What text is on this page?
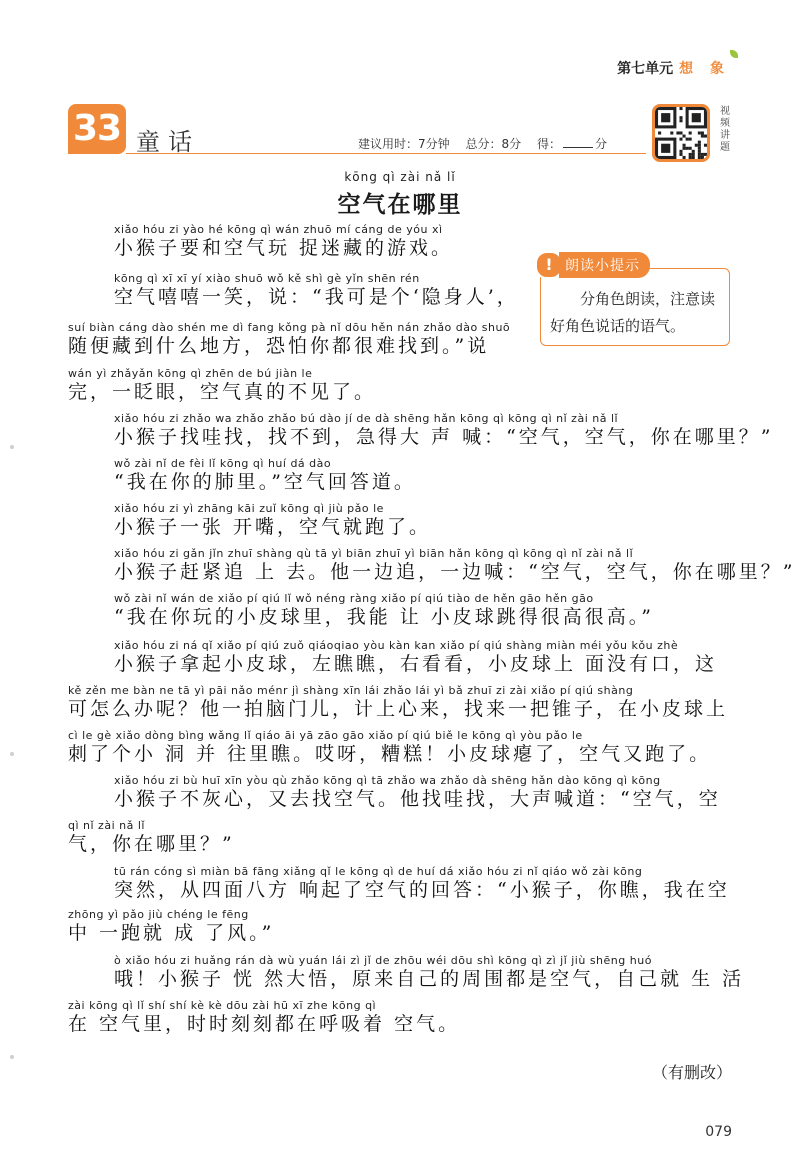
第七单元 想 象
33 童话	建议用时：7分钟 总分：8分 得：	分
视频讲题
kōng qì zài nǎ lǐ
空气在哪里
! 朗读小提示
分角色朗读，注意读好角色说话的语气。
xiǎo hóu zi yào hé kōng qì wán zhuō mí cáng de yóu xì
小猴子要和空气玩 捉迷藏的游戏。
kōng qì xī xī yí xiào shuō wǒ kě shì gè yǐn shēn rén
空气嘻嘻一笑，说：“我可是个‘隐身人’，
suí biàn cáng dào shén me dì fang kǒng pà nǐ dōu hěn nán zhǎo dào shuō
随便藏到什么地方，恐怕你都很难找到。”说
wán yì zhǎyǎn kōng qì zhēn de bú jiàn le
完，一眨眼，空气真的不见了。
xiǎo hóu zi zhǎo wa zhǎo zhǎo bú dào jí de dà shēng hǎn kōng qì kōng qì nǐ zài nǎ lǐ
小猴子找哇找，找不到，急得大 声 喊：“空气，空气，你在哪里？”
wǒ zài nǐ de fèi lǐ kōng qì huí dá dào
“我在你的肺里。”空气回答道。
xiǎo hóu zi yì zhāng kāi zuǐ kōng qì jiù pǎo le
小猴子一张 开嘴，空气就跑了。
xiǎo hóu zi gǎn jǐn zhuī shàng qù tā yì biān zhuī yì biān hǎn kōng qì kōng qì nǐ zài nǎ lǐ
小猴子赶紧追 上 去。他一边追，一边喊：“空气，空气，你在哪里？”
wǒ zài nǐ wán de xiǎo pí qiú lǐ wǒ néng ràng xiǎo pí qiú tiào de hěn gāo hěn gāo
“我在你玩的小皮球里，我能 让 小皮球跳得很高很高。”
xiǎo hóu zi ná qǐ xiǎo pí qiú zuǒ qiáoqiao yòu kàn kan xiǎo pí qiú shàng miàn méi yǒu kǒu zhè
小猴子拿起小皮球，左瞧瞧，右看看，小皮球上 面没有口，这
kě zěn me bàn ne tā yì pāi nǎo ménr jì shàng xīn lái zhǎo lái yì bǎ zhuī zi zài xiǎo pí qiú shàng
可怎么办呢？他一拍脑门儿，计上心来，找来一把锥子，在小皮球上
cì le gè xiǎo dòng bìng wǎng lǐ qiáo āi yā zāo gāo xiǎo pí qiú biě le kōng qì yòu pǎo le
刺了个小 洞 并 往里瞧。哎呀，糟糕！小皮球瘪了，空气又跑了。
xiǎo hóu zi bù huī xīn yòu qù zhǎo kōng qì tā zhǎo wa zhǎo dà shēng hǎn dào kōng qì kōng
小猴子不灰心，又去找空气。他找哇找，大声喊道：“空气，空
qì nǐ zài nǎ lǐ
气，你在哪里？”
tū rán cóng sì miàn bā fāng xiǎng qǐ le kōng qì de huí dá xiǎo hóu zi nǐ qiáo wǒ zài kōng
突然，从四面八方 响起了空气的回答：“小猴子，你瞧，我在空
zhōng yì pǎo jiù chéng le fēng
中 一跑就 成 了风。”
ò xiǎo hóu zi huǎng rán dà wù yuán lái zì jǐ de zhōu wéi dōu shì kōng qì zì jǐ jiù shēng huó
哦！小猴子 恍 然大悟，原来自己的周围都是空气，自己就 生 活
zài kōng qì lǐ shí shí kè kè dōu zài hū xī zhe kōng qì
在 空气里，时时刻刻都在呼吸着 空气。
（有删改）
079
